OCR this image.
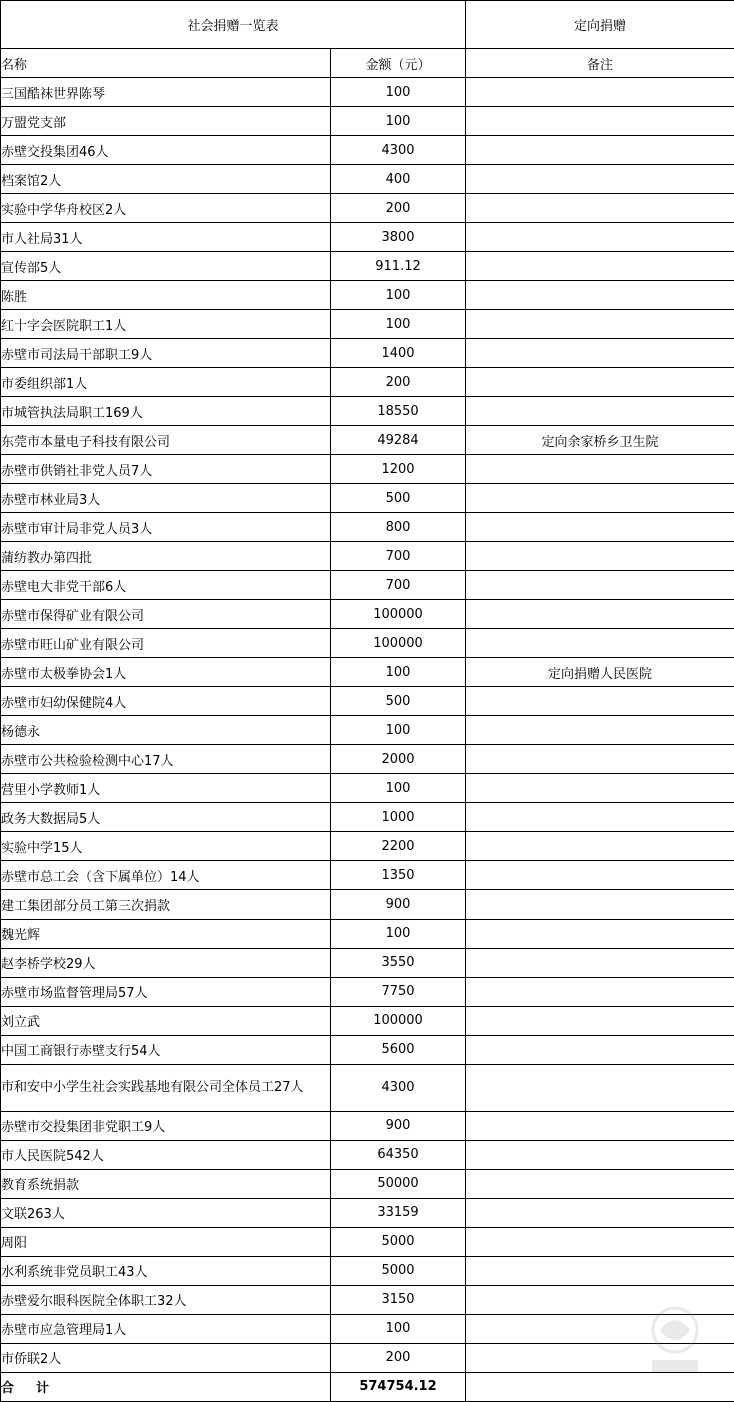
社会捐赠一览表		定向捐赠
名称	金额（元）	备注
三国酷袜世界陈琴	100	
万盟党支部	100	
赤壁交投集团46人	4300	
档案馆2人	400	
实验中学华舟校区2人	200	
市人社局31人	3800	
宣传部5人	911.12	
陈胜	100	
红十字会医院职工1人	100	
赤壁市司法局干部职工9人	1400	
市委组织部1人	200	
市城管执法局职工169人	18550	
东莞市本量电子科技有限公司	49284	定向余家桥乡卫生院
赤壁市供销社非党人员7人	1200	
赤壁市林业局3人	500	
赤壁市审计局非党人员3人	800	
蒲纺教办第四批	700	
赤壁电大非党干部6人	700	
赤壁市保得矿业有限公司	100000	
赤壁市旺山矿业有限公司	100000	
赤壁市太极拳协会1人	100	定向捐赠人民医院
赤壁市妇幼保健院4人	500	
杨德永	100	
赤壁市公共检验检测中心17人	2000	
营里小学教师1人	100	
政务大数据局5人	1000	
实验中学15人	2200	
赤壁市总工会（含下属单位）14人	1350	
建工集团部分员工第三次捐款	900	
魏光辉	100	
赵李桥学校29人	3550	
赤壁市场监督管理局57人	7750	
刘立武	100000	
中国工商银行赤壁支行54人	5600	
市和安中小学生社会实践基地有限公司全体员工27人	4300	
赤壁市交投集团非党职工9人	900	
市人民医院542人	64350	
教育系统捐款	50000	
文联263人	33159	
周阳	5000	
水利系统非党员职工43人	5000	
赤壁爱尔眼科医院全体职工32人	3150	
赤壁市应急管理局1人	100	
市侨联2人	200	
合计	574754.12	
